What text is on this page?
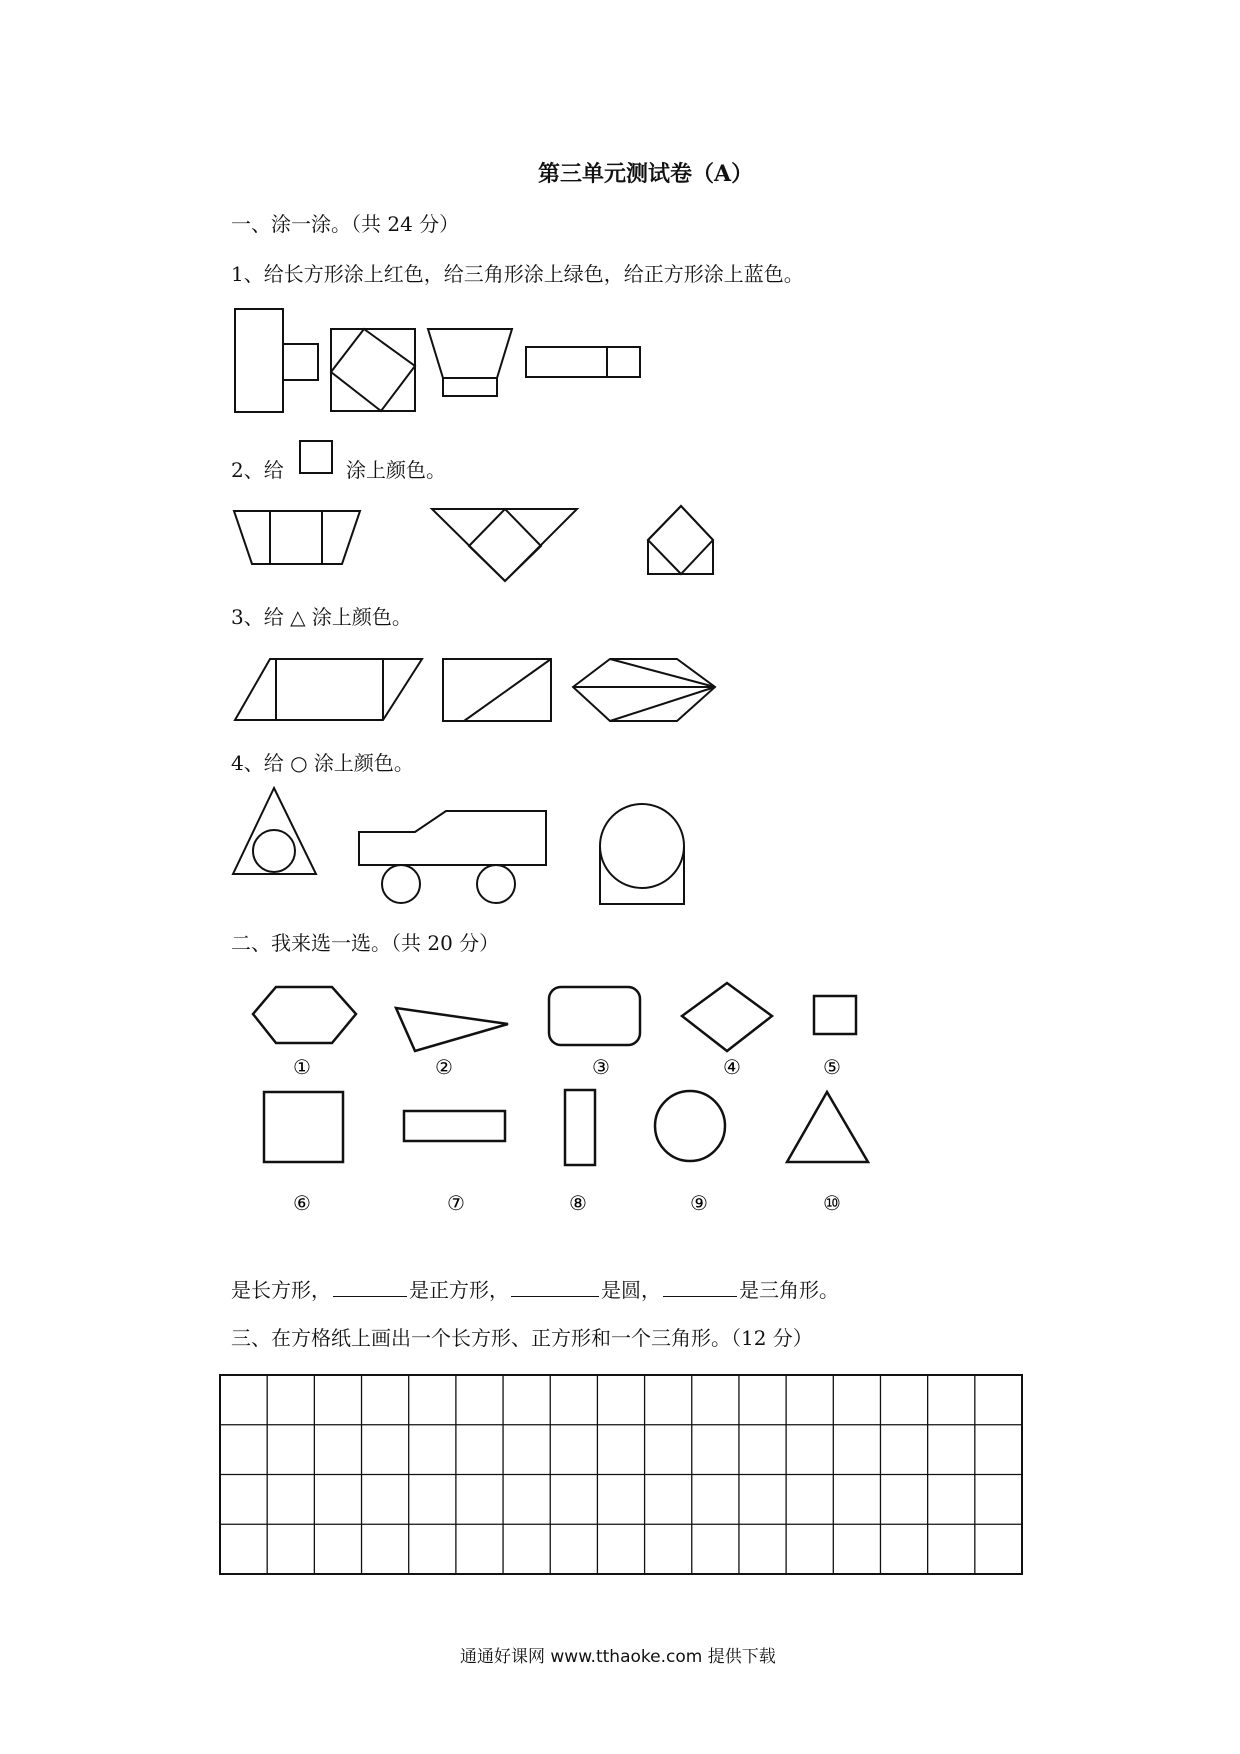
第三单元测试卷（A）
一、涂一涂。（共 24 分）
1、给长方形涂上红色，给三角形涂上绿色，给正方形涂上蓝色。
2、给	涂上颜色。
3、给 △ 涂上颜色。
4、给 ○ 涂上颜色。
二、我来选一选。（共 20 分）
①	②	③	④	⑤
⑥	⑦	⑧	⑨	⑩
是长方形，	是正方形，	是圆，	是三角形。
三、在方格纸上画出一个长方形、正方形和一个三角形。（12 分）
通通好课网 www.tthaoke.com 提供下载
